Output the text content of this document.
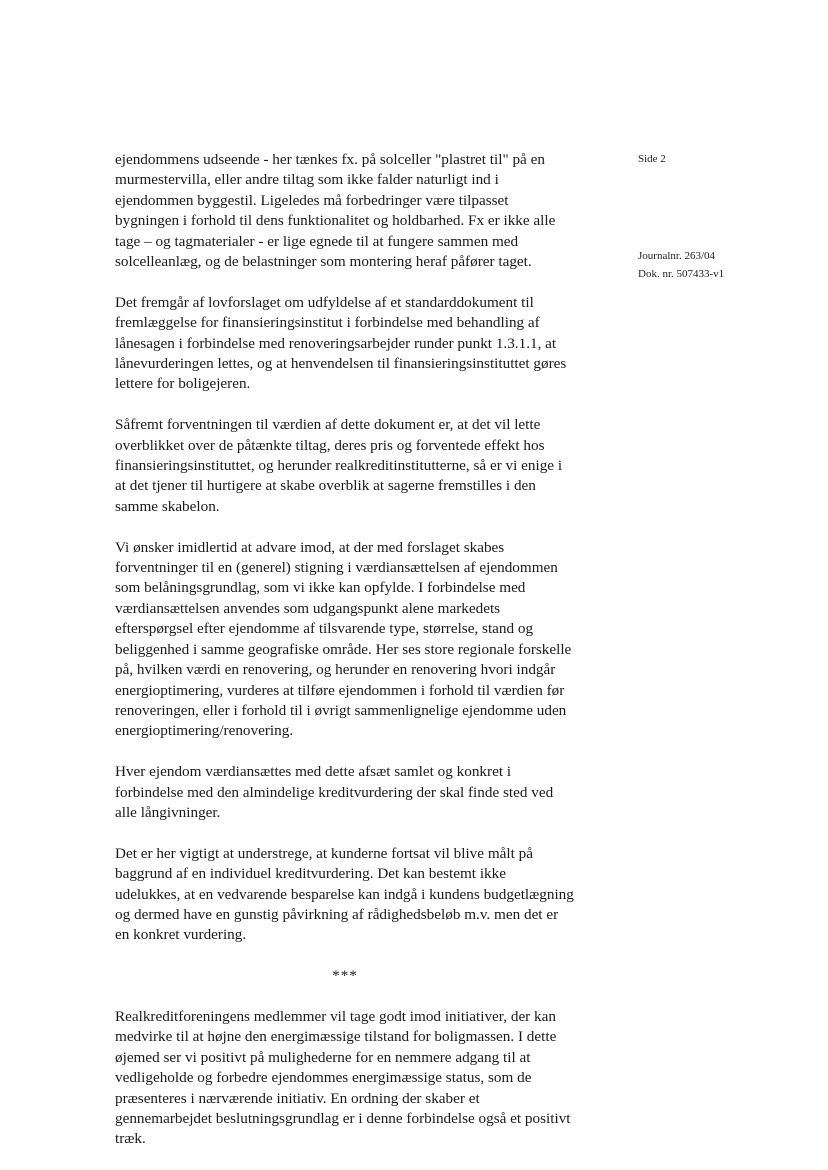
Side 2
Journalnr. 263/04
Dok. nr. 507433-v1

ejendommens udseende - her tænkes fx. på solceller "plastret til" på en murmestervilla, eller andre tiltag som ikke falder naturligt ind i ejendommen byggestil. Ligeledes må forbedringer være tilpasset bygningen i forhold til dens funktionalitet og holdbarhed. Fx er ikke alle tage – og tagmaterialer - er lige egnede til at fungere sammen med solcelleanlæg, og de belastninger som montering heraf påfører taget.

Det fremgår af lovforslaget om udfyldelse af et standarddokument til fremlæggelse for finansieringsinstitut i forbindelse med behandling af lånesagen i forbindelse med renoveringsarbejder runder punkt 1.3.1.1, at lånevurderingen lettes, og at henvendelsen til finansieringsinstituttet gøres lettere for boligejeren.

Såfremt forventningen til værdien af dette dokument er, at det vil lette overblikket over de påtænkte tiltag, deres pris og forventede effekt hos finansieringsinstituttet, og herunder realkreditinstitutterne, så er vi enige i at det tjener til hurtigere at skabe overblik at sagerne fremstilles i den samme skabelon.

Vi ønsker imidlertid at advare imod, at der med forslaget skabes forventninger til en (generel) stigning i værdiansættelsen af ejendommen som belåningsgrundlag, som vi ikke kan opfylde. I forbindelse med værdiansættelsen anvendes som udgangspunkt alene markedets efterspørgsel efter ejendomme af tilsvarende type, størrelse, stand og beliggenhed i samme geografiske område. Her ses store regionale forskelle på, hvilken værdi en renovering, og herunder en renovering hvori indgår energioptimering, vurderes at tilføre ejendommen i forhold til værdien før renoveringen, eller i forhold til i øvrigt sammenlignelige ejendomme uden energioptimering/renovering.

Hver ejendom værdiansættes med dette afsæt samlet og konkret i forbindelse med den almindelige kreditvurdering der skal finde sted ved alle långivninger.

Det er her vigtigt at understrege, at kunderne fortsat vil blive målt på baggrund af en individuel kreditvurdering. Det kan bestemt ikke udelukkes, at en vedvarende besparelse kan indgå i kundens budgetlægning og dermed have en gunstig påvirkning af rådighedsbeløb m.v. men det er en konkret vurdering.

***

Realkreditforeningens medlemmer vil tage godt imod initiativer, der kan medvirke til at højne den energimæssige tilstand for boligmassen. I dette øjemed ser vi positivt på mulighederne for en nemmere adgang til at vedligeholde og forbedre ejendommes energimæssige status, som de præsenteres i nærværende initiativ. En ordning der skaber et gennemarbejdet beslutningsgrundlag er i denne forbindelse også et positivt træk.
